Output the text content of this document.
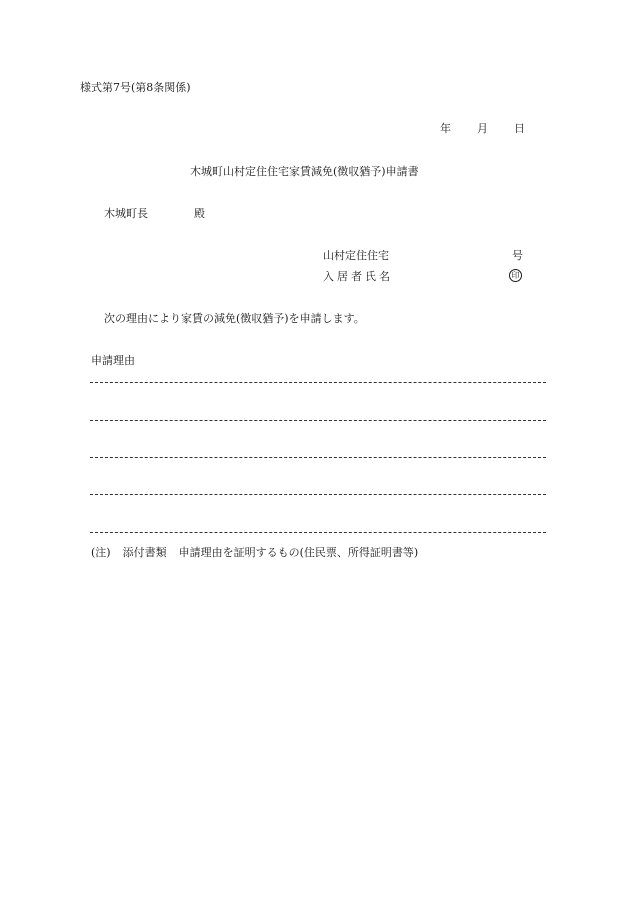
様式第7号(第8条関係)
年 月 日
木城町山村定住住宅家賃減免(徴収猶予)申請書
木城町長	殿
山村定住住宅	号
入居者氏名	印
次の理由により家賃の減免(徴収猶予)を申請します。
申請理由
(注) 添付書類 申請理由を証明するもの(住民票、所得証明書等)
